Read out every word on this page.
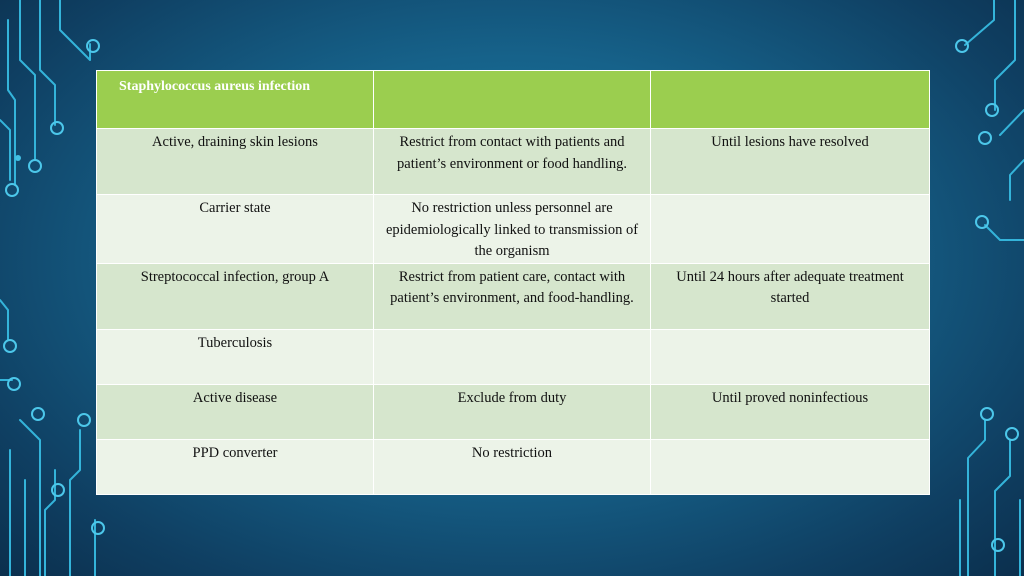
Staphylococcus aureus infection		
Active, draining skin lesions	Restrict from contact with patients and patient’s environment or food handling.	Until lesions have resolved
Carrier state	No restriction unless personnel are epidemiologically linked to transmission of the organism	
Streptococcal infection, group A	Restrict from patient care, contact with patient’s environment, and food-handling.	Until 24 hours after adequate treatment started
Tuberculosis		
Active disease	Exclude from duty	Until proved noninfectious
PPD converter	No restriction	
